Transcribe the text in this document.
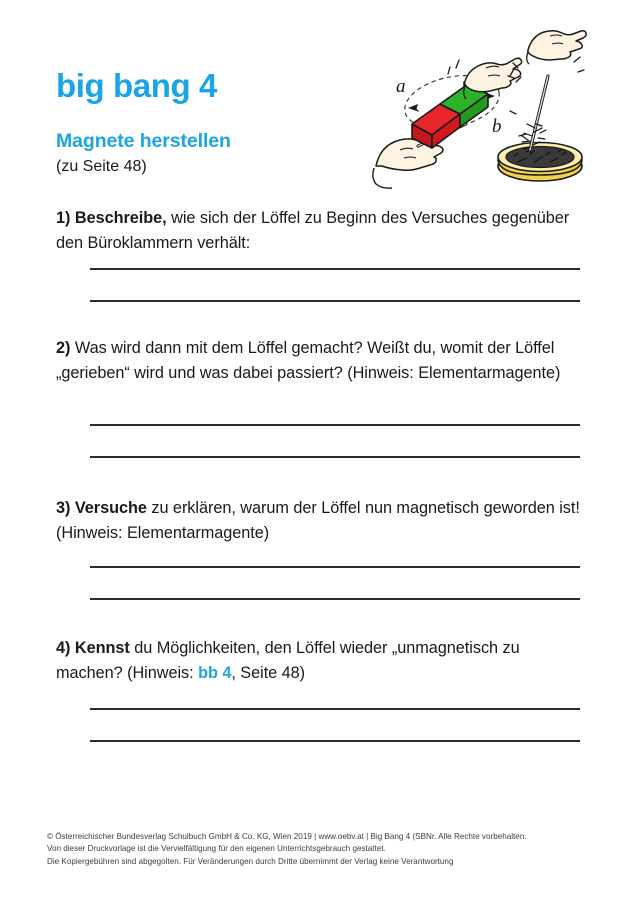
big bang 4
Magnete herstellen
(zu Seite 48)
a
b

1) Beschreibe, wie sich der Löffel zu Beginn des Versuches gegenüber den Büroklammern verhält:

2) Was wird dann mit dem Löffel gemacht? Weißt du, womit der Löffel „gerieben“ wird und was dabei passiert? (Hinweis: Elementarmagente)

3) Versuche zu erklären, warum der Löffel nun magnetisch geworden ist! (Hinweis: Elementarmagente)

4) Kennst du Möglichkeiten, den Löffel wieder „unmagnetisch zu machen? (Hinweis: bb 4, Seite 48)

© Österreichischer Bundesverlag Schulbuch GmbH & Co. KG, Wien 2019 | www.oebv.at | Big Bang 4 (SBNr. Alle Rechte vorbehalten.
Von dieser Druckvorlage ist die Vervielfältigung für den eigenen Unterrichtsgebrauch gestattet.
Die Kopiergebühren sind abgegolten. Für Veränderungen durch Dritte übernimmt der Verlag keine Verantwortung
